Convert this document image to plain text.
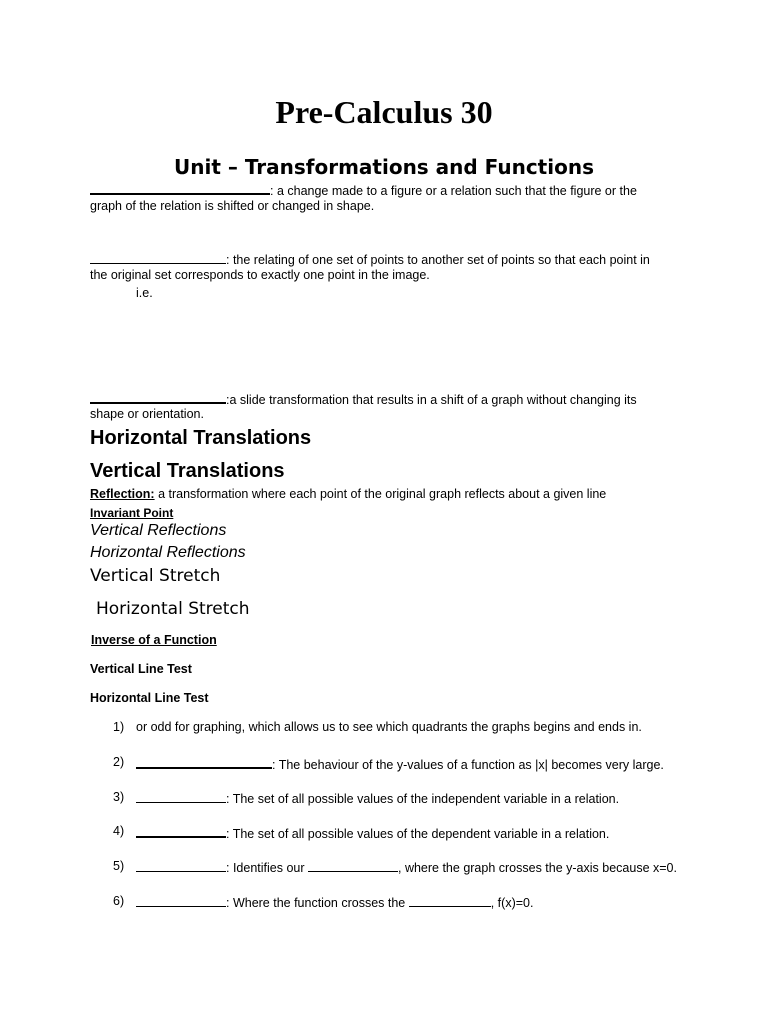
Pre-Calculus 30
Unit – Transformations and Functions
: a change made to a figure or a relation such that the figure or the
graph of the relation is shifted or changed in shape.
: the relating of one set of points to another set of points so that each point in
the original set corresponds to exactly one point in the image.
i.e.
:a slide transformation that results in a shift of a graph without changing its
shape or orientation.
Horizontal Translations
Vertical Translations
Reflection: a transformation where each point of the original graph reflects about a given line
Invariant Point
Vertical Reflections
Horizontal Reflections
Vertical Stretch
Horizontal Stretch
Inverse of a Function
Vertical Line Test
Horizontal Line Test
1) or odd for graphing, which allows us to see which quadrants the graphs begins and ends in.
2)	: The behaviour of the y-values of a function as |x| becomes very large.
3)	: The set of all possible values of the independent variable in a relation.
4)	: The set of all possible values of the dependent variable in a relation.
5)	: Identifies our	, where the graph crosses the y-axis because x=0.
6)	: Where the function crosses the	, f(x)=0.
